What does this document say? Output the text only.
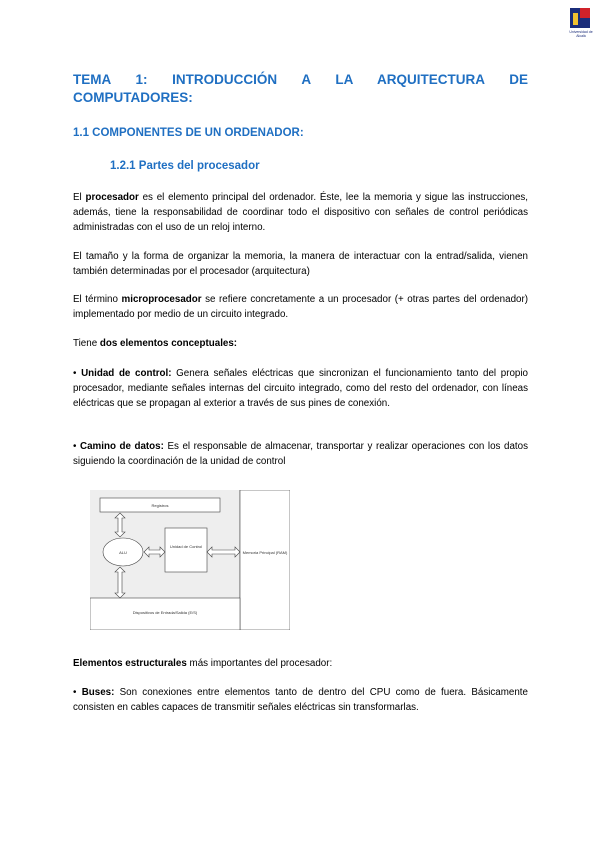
Universidad de Alcalá
TEMA 1: INTRODUCCIÓN A LA ARQUITECTURA DE
COMPUTADORES:
1.1 COMPONENTES DE UN ORDENADOR:
1.2.1 Partes del procesador
El procesador es el elemento principal del ordenador. Éste, lee la memoria y sigue las instrucciones, además, tiene la responsabilidad de coordinar todo el dispositivo con señales de control periódicas administradas con el uso de un reloj interno.
El tamaño y la forma de organizar la memoria, la manera de interactuar con la entrad/salida, vienen también determinadas por el procesador (arquitectura)
El término microprocesador se refiere concretamente a un procesador (+ otras partes del ordenador) implementado por medio de un circuito integrado.
Tiene dos elementos conceptuales:
• Unidad de control: Genera señales eléctricas que sincronizan el funcionamiento tanto del propio procesador, mediante señales internas del circuito integrado, como del resto del ordenador, con líneas eléctricas que se propagan al exterior a través de sus pines de conexión.
• Camino de datos: Es el responsable de almacenar, transportar y realizar operaciones con los datos siguiendo la coordinación de la unidad de control
Memoria Principal (RAM)
Registros
ALU
Unidad de Control
Dispositivos de Entrada/Salida (E/S)
Elementos estructurales más importantes del procesador:
• Buses: Son conexiones entre elementos tanto de dentro del CPU como de fuera. Básicamente consisten en cables capaces de transmitir señales eléctricas sin transformarlas.
